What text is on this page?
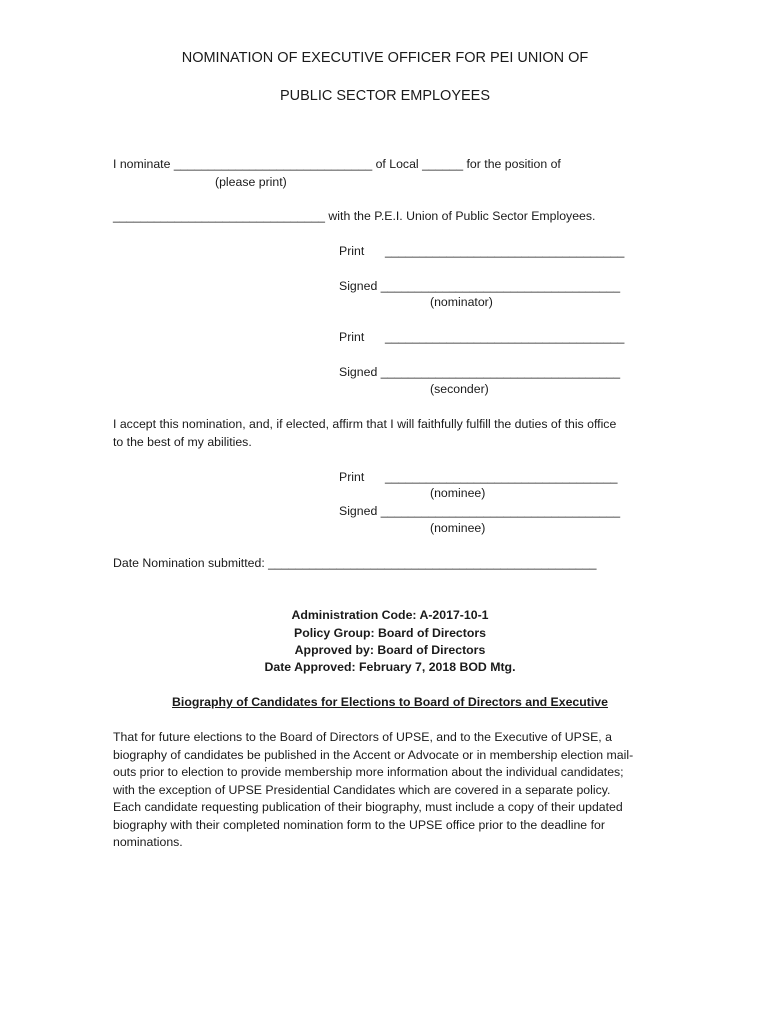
NOMINATION OF EXECUTIVE OFFICER FOR PEI UNION OF
PUBLIC SECTOR EMPLOYEES
I nominate _____________________________ of Local ______ for the position of
(please print)
_______________________________ with the P.E.I. Union of Public Sector Employees.
Print ___________________________________
Signed ___________________________________
(nominator)
Print ___________________________________
Signed ___________________________________
(seconder)
I accept this nomination, and, if elected, affirm that I will faithfully fulfill the duties of this office
to the best of my abilities.
Print __________________________________
(nominee)
Signed ___________________________________
(nominee)
Date Nomination submitted: ________________________________________________
Administration Code: A-2017-10-1
Policy Group: Board of Directors
Approved by: Board of Directors
Date Approved: February 7, 2018 BOD Mtg.
Biography of Candidates for Elections to Board of Directors and Executive
That for future elections to the Board of Directors of UPSE, and to the Executive of UPSE, a
biography of candidates be published in the Accent or Advocate or in membership election mail-
outs prior to election to provide membership more information about the individual candidates;
with the exception of UPSE Presidential Candidates which are covered in a separate policy.
Each candidate requesting publication of their biography, must include a copy of their updated
biography with their completed nomination form to the UPSE office prior to the deadline for
nominations.
